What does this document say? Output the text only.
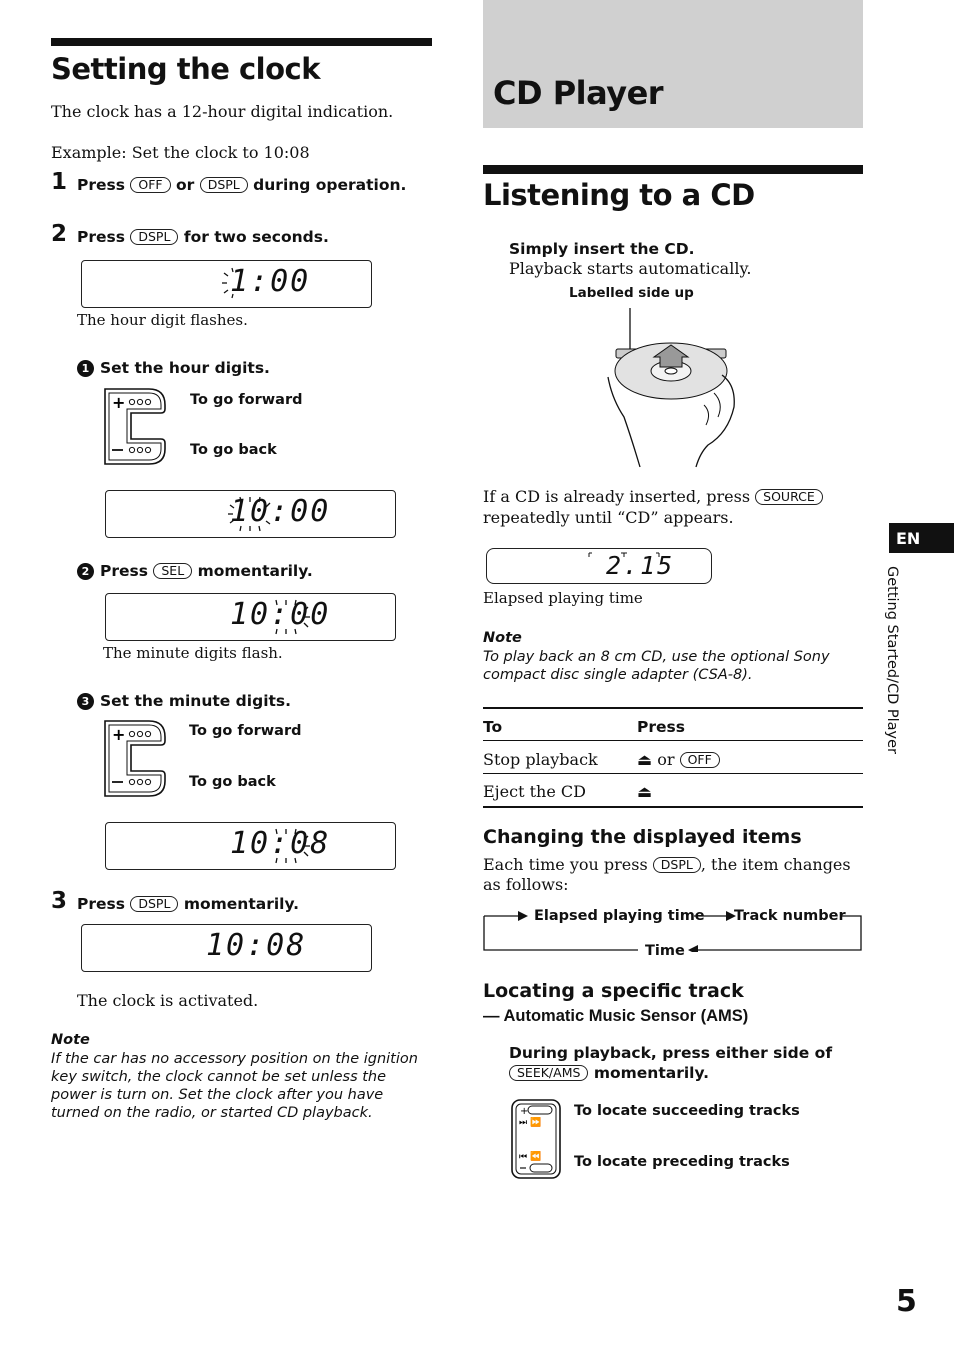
Setting the clock
The clock has a 12-hour digital indication.
Example: Set the clock to 10:08
1 Press OFF or DSPL during operation.
2 Press DSPL for two seconds.
1:00
The hour digit flashes.
1 Set the hour digits.
+	To go forward
To go back
10:00
2 Press SEL momentarily.
10:00
The minute digits flash.
3 Set the minute digits.
+	To go forward
To go back
10:08
3 Press DSPL momentarily.
10:08
The clock is activated.
Note
If the car has no accessory position on the ignition key switch, the clock cannot be set unless the power is turn on. Set the clock after you have turned on the radio, or started CD playback.
CD Player
Listening to a CD
Simply insert the CD.
Playback starts automatically.
Labelled side up
If a CD is already inserted, press SOURCE
repeatedly until “CD” appears.
2.15
Elapsed playing time
Note
To play back an 8 cm CD, use the optional Sony compact disc single adapter (CSA-8).
To	Press
Stop playback ⏏ or OFF
Eject the CD	⏏
Changing the displayed items
Each time you press DSPL , the item changes as follows:
Elapsed playing time Track number
Time
Locating a specific track
— Automatic Music Sensor (AMS)
During playback, press either side of
SEEK/AMS momentarily.
+
⏭ ⏩
⏮ ⏪
To locate succeeding tracks
To locate preceding tracks
EN
Getting Started/CD Player
5
